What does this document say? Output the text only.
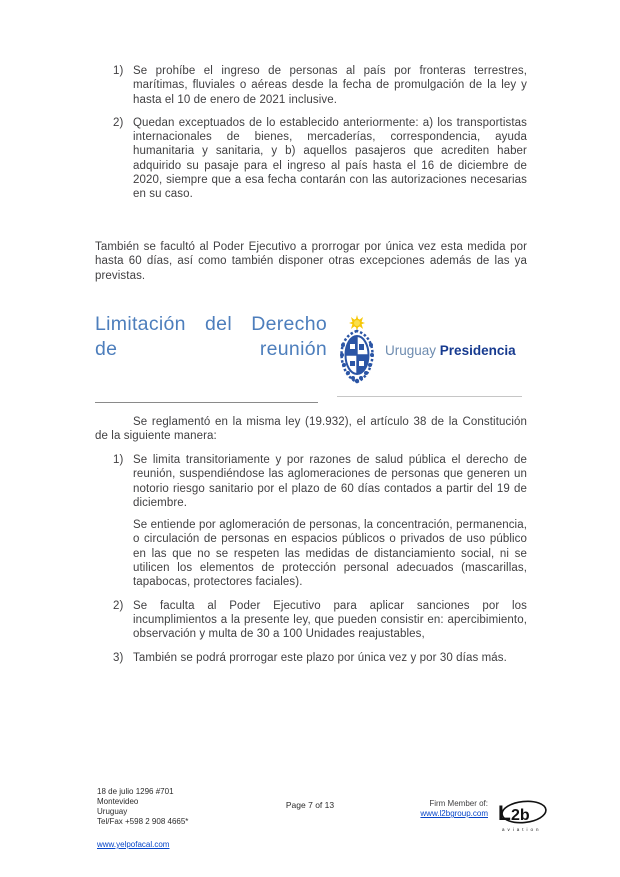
1) Se prohíbe el ingreso de personas al país por fronteras terrestres, marítimas, fluviales o aéreas desde la fecha de promulgación de la ley y hasta el 10 de enero de 2021 inclusive.
2) Quedan exceptuados de lo establecido anteriormente: a) los transportistas internacionales de bienes, mercaderías, correspondencia, ayuda humanitaria y sanitaria, y b) aquellos pasajeros que acrediten haber adquirido su pasaje para el ingreso al país hasta el 16 de diciembre de 2020, siempre que a esa fecha contarán con las autorizaciones necesarias en su caso.

También se facultó al Poder Ejecutivo a prorrogar por única vez esta medida por hasta 60 días, así como también disponer otras excepciones además de las ya previstas.

Limitación del Derecho de reunión	Uruguay Presidencia

Se reglamentó en la misma ley (19.932), el artículo 38 de la Constitución de la siguiente manera:

1) Se limita transitoriamente y por razones de salud pública el derecho de reunión, suspendiéndose las aglomeraciones de personas que generen un notorio riesgo sanitario por el plazo de 60 días contados a partir del 19 de diciembre.
Se entiende por aglomeración de personas, la concentración, permanencia, o circulación de personas en espacios públicos o privados de uso público en las que no se respeten las medidas de distanciamiento social, ni se utilicen los elementos de protección personal adecuados (mascarillas, tapabocas, protectores faciales).
2) Se faculta al Poder Ejecutivo para aplicar sanciones por los incumplimientos a la presente ley, que pueden consistir en: apercibimiento, observación y multa de 30 a 100 Unidades reajustables,
3) También se podrá prorrogar este plazo por única vez y por 30 días más.
18 de julio 1296 #701
Montevideo
Uruguay
Tel/Fax +598 2 908 4665*
www.yelpofacal.com
Page 7 of 13	Firm Member of:
www.l2bgroup.com L 2b
aviation
